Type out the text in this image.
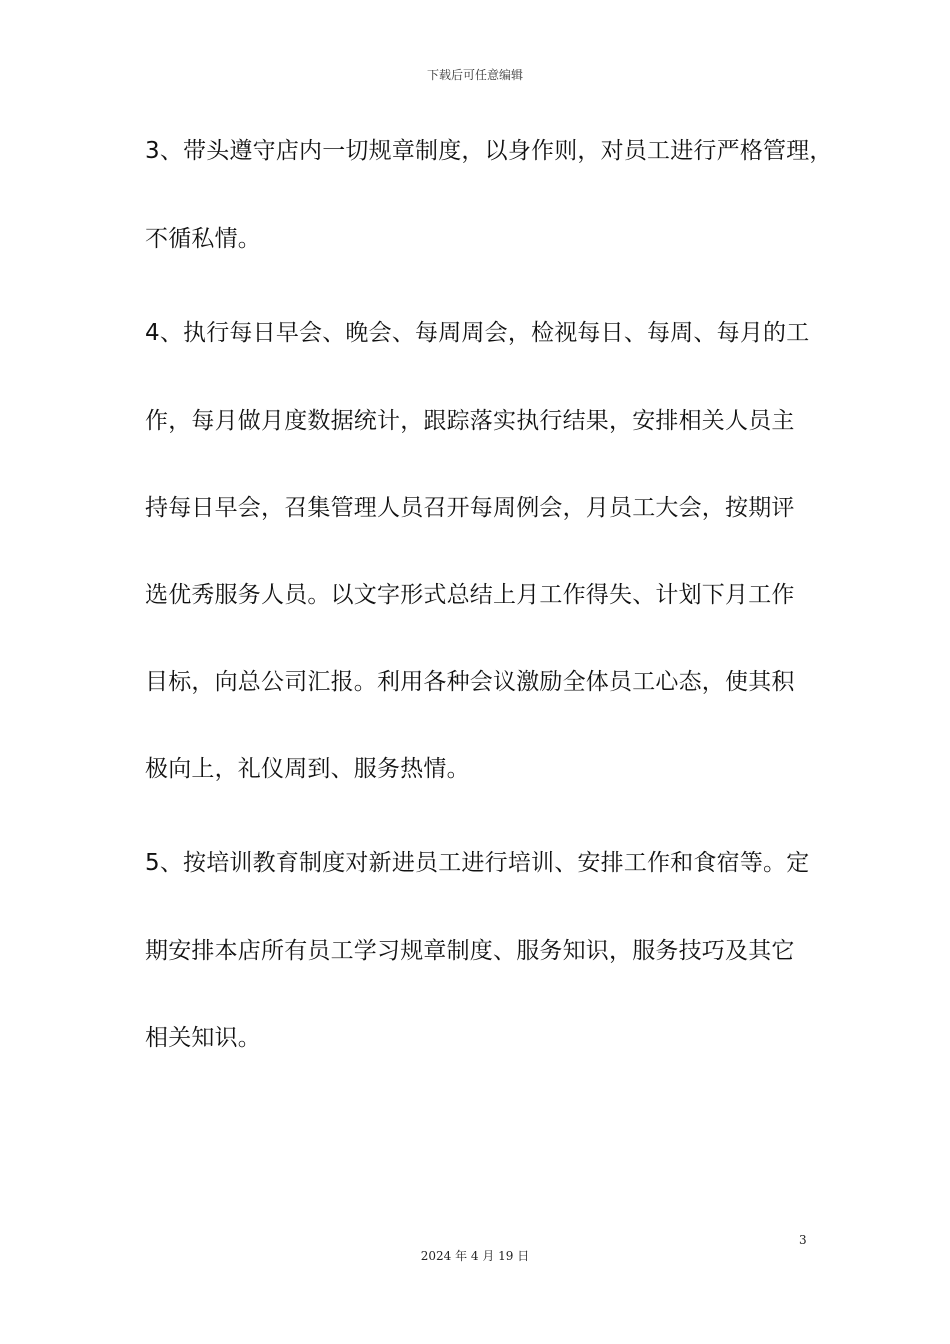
下载后可任意编辑
3、带头遵守店内一切规章制度，以身作则，对员工进行严格管理，
不循私情。
4、执行每日早会、晚会、每周周会，检视每日、每周、每月的工
作，每月做月度数据统计，跟踪落实执行结果，安排相关人员主
持每日早会，召集管理人员召开每周例会，月员工大会，按期评
选优秀服务人员。以文字形式总结上月工作得失、计划下月工作
目标，向总公司汇报。利用各种会议激励全体员工心态，使其积
极向上，礼仪周到、服务热情。
5、按培训教育制度对新进员工进行培训、安排工作和食宿等。定
期安排本店所有员工学习规章制度、服务知识，服务技巧及其它
相关知识。
3
2024 年 4 月 19 日
